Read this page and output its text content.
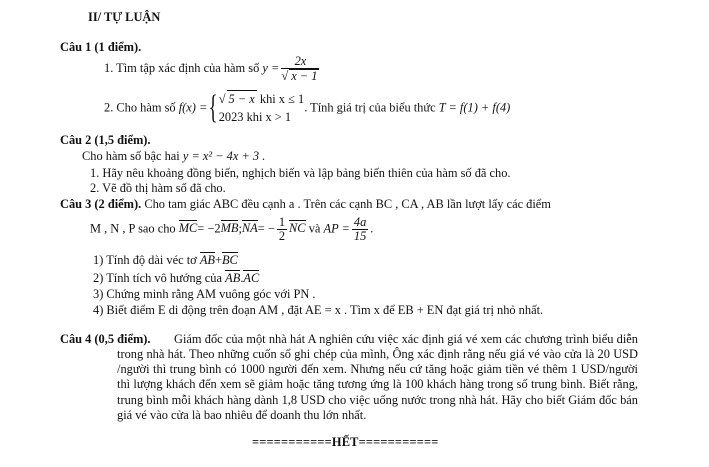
II/ TỰ LUẬN
Câu 1 (1 điểm).
1. Tìm tập xác định của hàm số $y = \frac{2x}{√ x - 1}$
2. Cho hàm số f(x) ={ √ 5 − x khi x ≤ 1
2023 khi x > 1
. Tính giá trị của biểu thức T = f(1) + f(4)
Câu 2 (1,5 điểm).
Cho hàm số bậc hai y = x² − 4x + 3 .
1. Hãy nêu khoảng đồng biến, nghịch biến và lập bảng biến thiên của hàm số đã cho.
2. Vẽ đồ thị hàm số đã cho.
Câu 3 (2 điểm). Cho tam giác ABC đều cạnh a . Trên các cạnh BC , CA , AB lần lượt lấy các điểm
M , N , P sao cho MC= −2MB;NA= − $\frac{1}{2}$ NC và AP = $\frac{4a}{15}$ .
1) Tính độ dài véc tơ AB+BC
2) Tính tích vô hướng của AB.AC
3) Chứng minh rằng AM vuông góc với PN .
4) Biết điểm E di động trên đoạn AM , đặt AE = x . Tìm x để EB + EN đạt giá trị nhỏ nhất.
Câu 4 (0,5 điểm).	Giám đốc của một nhà hát A nghiên cứu việc xác định giá vé xem các chương trình biểu diễn trong nhà hát. Theo những cuốn sổ ghi chép của mình, Ông xác định rằng nếu giá vé vào cửa là 20 USD /người thì trung bình có 1000 người đến xem. Nhưng nếu cứ tăng hoặc giảm tiền vé thêm 1 USD/người thì lượng khách đến xem sẽ giảm hoặc tăng tương ứng là 100 khách hàng trong số trung bình. Biết rằng, trung bình mỗi khách hàng dành 1,8 USD cho việc uống nước trong nhà hát. Hãy cho biết Giám đốc bán giá vé vào cửa là bao nhiêu để doanh thu lớn nhất.
===========HẾT===========
